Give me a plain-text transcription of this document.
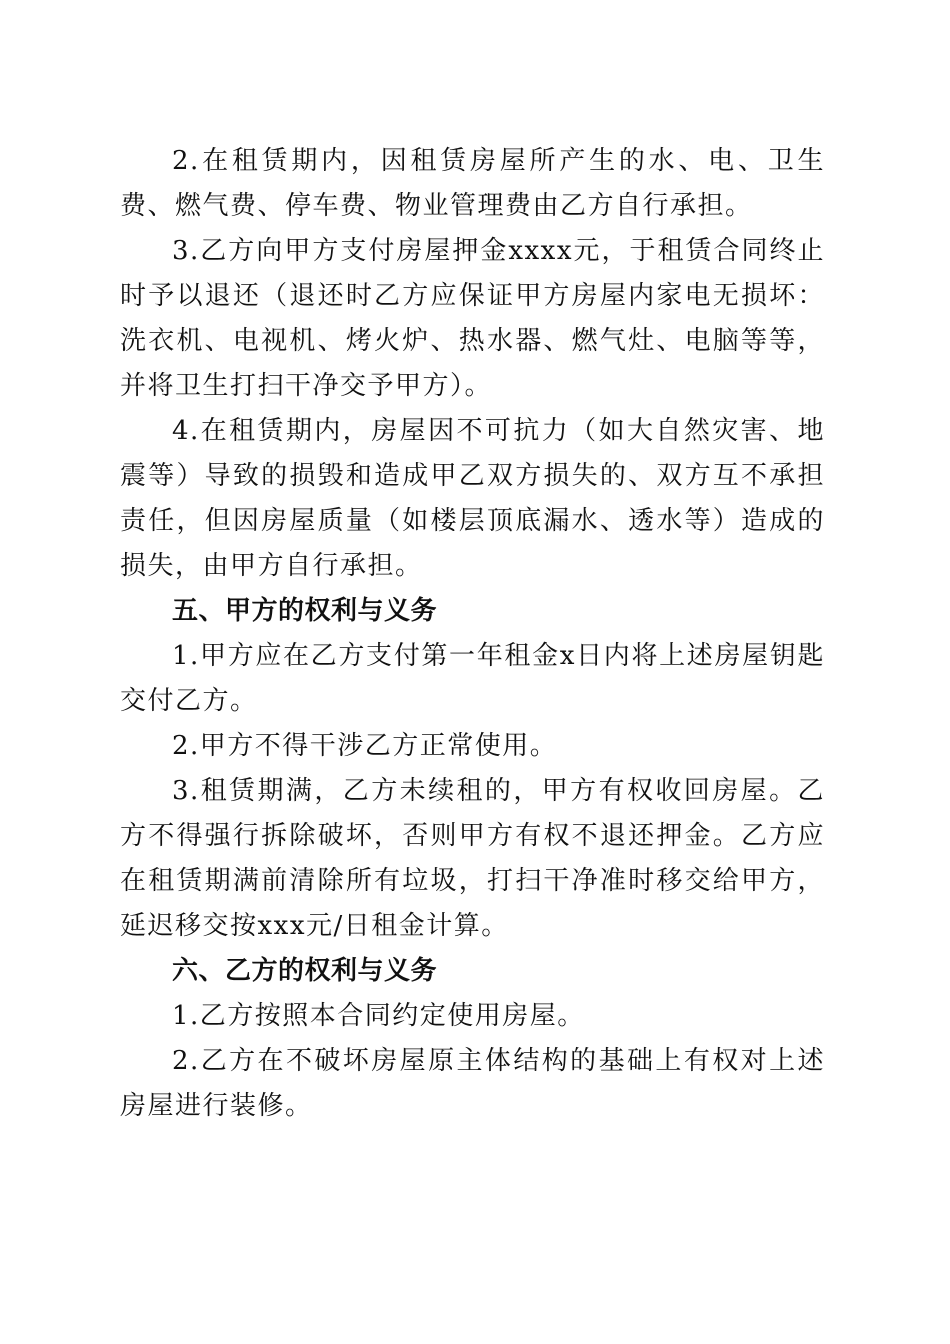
2.在租赁期内，因租赁房屋所产生的水、电、卫生费、燃气费、停车费、物业管理费由乙方自行承担。

3.乙方向甲方支付房屋押金xxxx元，于租赁合同终止时予以退还（退还时乙方应保证甲方房屋内家电无损坏：洗衣机、电视机、烤火炉、热水器、燃气灶、电脑等等，并将卫生打扫干净交予甲方）。

4.在租赁期内，房屋因不可抗力（如大自然灾害、地震等）导致的损毁和造成甲乙双方损失的、双方互不承担责任，但因房屋质量（如楼层顶底漏水、透水等）造成的损失，由甲方自行承担。

五、甲方的权利与义务

1.甲方应在乙方支付第一年租金x日内将上述房屋钥匙交付乙方。

2.甲方不得干涉乙方正常使用。

3.租赁期满，乙方未续租的，甲方有权收回房屋。乙方不得强行拆除破坏，否则甲方有权不退还押金。乙方应在租赁期满前清除所有垃圾，打扫干净准时移交给甲方，延迟移交按xxx元/日租金计算。

六、乙方的权利与义务

1.乙方按照本合同约定使用房屋。

2.乙方在不破坏房屋原主体结构的基础上有权对上述房屋进行装修。
